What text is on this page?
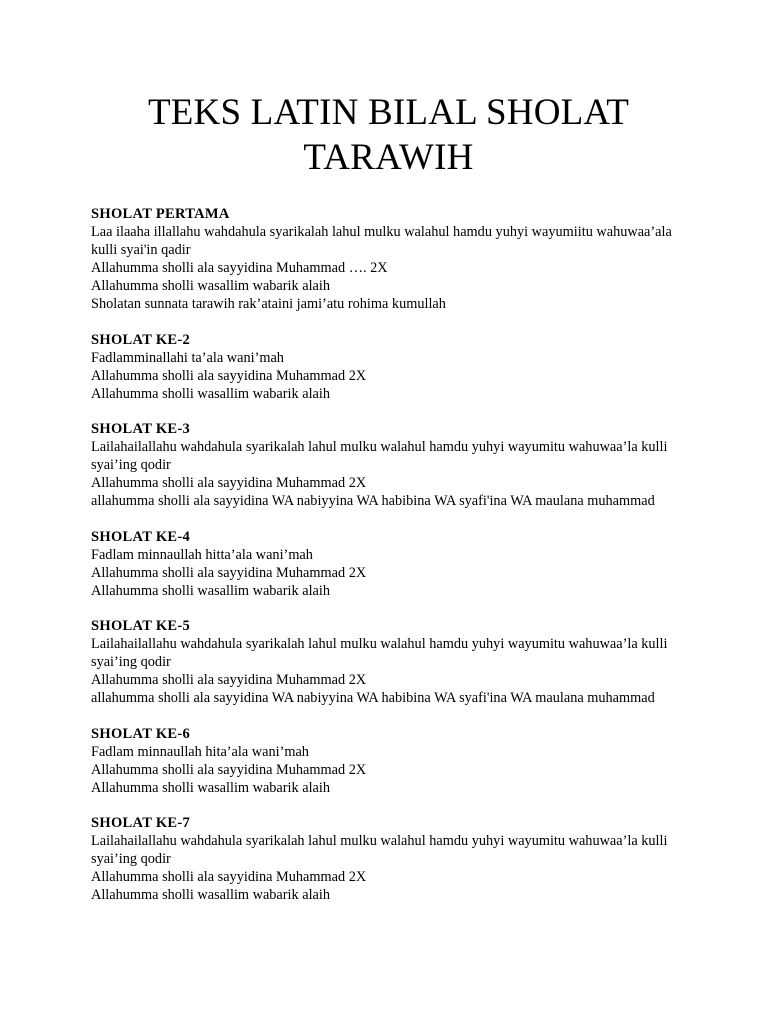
TEKS LATIN BILAL SHOLAT TARAWIH
SHOLAT PERTAMA
Laa ilaaha illallahu wahdahula syarikalah lahul mulku walahul hamdu yuhyi wayumiitu wahuwaa’ala kulli syai'in qadir
Allahumma sholli ala sayyidina Muhammad …. 2X
Allahumma sholli wasallim wabarik alaih
Sholatan sunnata tarawih rak’ataini jami’atu rohima kumullah
SHOLAT KE-2
Fadlamminallahi ta’ala wani’mah
Allahumma sholli ala sayyidina Muhammad 2X
Allahumma sholli wasallim wabarik alaih
SHOLAT KE-3
Lailahailallahu wahdahula syarikalah lahul mulku walahul hamdu yuhyi wayumitu wahuwaa’la kulli syai’ing qodir
Allahumma sholli ala sayyidina Muhammad 2X
allahumma sholli ala sayyidina WA nabiyyina WA habibina WA syafi'ina WA maulana muhammad
SHOLAT KE-4
Fadlam minnaullah hitta’ala wani’mah
Allahumma sholli ala sayyidina Muhammad 2X
Allahumma sholli wasallim wabarik alaih
SHOLAT KE-5
Lailahailallahu wahdahula syarikalah lahul mulku walahul hamdu yuhyi wayumitu wahuwaa’la kulli syai’ing qodir
Allahumma sholli ala sayyidina Muhammad 2X
allahumma sholli ala sayyidina WA nabiyyina WA habibina WA syafi'ina WA maulana muhammad
SHOLAT KE-6
Fadlam minnaullah hita’ala wani’mah
Allahumma sholli ala sayyidina Muhammad 2X
Allahumma sholli wasallim wabarik alaih
SHOLAT KE-7
Lailahailallahu wahdahula syarikalah lahul mulku walahul hamdu yuhyi wayumitu wahuwaa’la kulli syai’ing qodir
Allahumma sholli ala sayyidina Muhammad 2X
Allahumma sholli wasallim wabarik alaih
